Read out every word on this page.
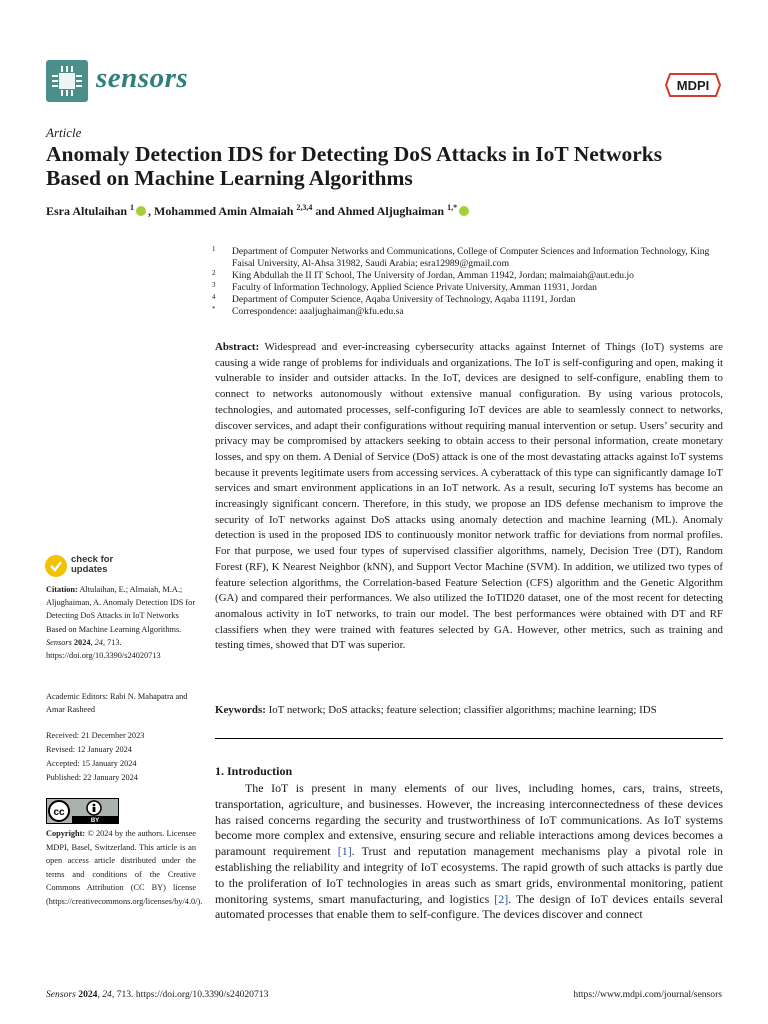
sensors	MDPI
Article
Anomaly Detection IDS for Detecting DoS Attacks in IoT Networks Based on Machine Learning Algorithms
Esra Altulaihan $^1$ , Mohammed Amin Almaiah $^{2,3,4}$ and Ahmed Aljughaiman $^{1,*}$
1 Department of Computer Networks and Communications, College of Computer Sciences and Information Technology, King Faisal University, Al-Ahsa 31982, Saudi Arabia; esra12989@gmail.com
2 King Abdullah the II IT School, The University of Jordan, Amman 11942, Jordan; malmaiah@aut.edu.jo
3 Faculty of Information Technology, Applied Science Private University, Amman 11931, Jordan
4 Department of Computer Science, Aqaba University of Technology, Aqaba 11191, Jordan
* Correspondence: aaaljughaiman@kfu.edu.sa
Abstract: Widespread and ever-increasing cybersecurity attacks against Internet of Things (IoT) systems are causing a wide range of problems for individuals and organizations. The IoT is self-configuring and open, making it vulnerable to insider and outsider attacks. In the IoT, devices are designed to self-configure, enabling them to connect to networks autonomously without extensive manual configuration. By using various protocols, technologies, and automated processes, self-configuring IoT devices are able to seamlessly connect to networks, discover services, and adapt their configurations without requiring manual intervention or setup. Users’ security and privacy may be compromised by attackers seeking to obtain access to their personal information, create monetary losses, and spy on them. A Denial of Service (DoS) attack is one of the most devastating attacks against IoT systems because it prevents legitimate users from accessing services. A cyberattack of this type can significantly damage IoT services and smart environment applications in an IoT network. As a result, securing IoT systems has become an increasingly significant concern. Therefore, in this study, we propose an IDS defense mechanism to improve the security of IoT networks against DoS attacks using anomaly detection and machine learning (ML). Anomaly detection is used in the proposed IDS to continuously monitor network traffic for deviations from normal profiles. For that purpose, we used four types of supervised classifier algorithms, namely, Decision Tree (DT), Random Forest (RF), K Nearest Neighbor (kNN), and Support Vector Machine (SVM). In addition, we utilized two types of feature selection algorithms, the Correlation-based Feature Selection (CFS) algorithm and the Genetic Algorithm (GA) and compared their performances. We also utilized the IoTID20 dataset, one of the most recent for detecting anomalous activity in IoT networks, to train our model. The best performances were obtained with DT and RF classifiers when they were trained with features selected by GA. However, other metrics, such as training and testing times, showed that DT was superior.
Keywords: IoT network; DoS attacks; feature selection; classifier algorithms; machine learning; IDS
1. Introduction
The IoT is present in many elements of our lives, including homes, cars, trains, streets, transportation, agriculture, and businesses. However, the increasing interconnectedness of these devices has raised concerns regarding the security and trustworthiness of IoT communications. As IoT systems become more complex and extensive, ensuring secure and reliable interactions among devices becomes a paramount requirement [1]. Trust and reputation management mechanisms play a pivotal role in establishing the reliability and integrity of IoT ecosystems. The rapid growth of such attacks is partly due to the proliferation of IoT technologies in areas such as smart grids, environmental monitoring, patient monitoring systems, smart manufacturing, and logistics [2]. The design of IoT devices entails several automated processes that enable them to self-configure. The devices discover and connect
check for
updates
Citation: Altulaihan, E.; Almaiah, M.A.; Aljughaiman, A. Anomaly Detection IDS for Detecting DoS Attacks in IoT Networks Based on Machine Learning Algorithms. Sensors 2024, 24, 713. https://doi.org/10.3390/s24020713
Academic Editors: Rabi N. Mahapatra and Amar Rasheed
Received: 21 December 2023
Revised: 12 January 2024
Accepted: 15 January 2024
Published: 22 January 2024
cc
BY
Copyright: © 2024 by the authors. Licensee MDPI, Basel, Switzerland. This article is an open access article distributed under the terms and conditions of the Creative Commons Attribution (CC BY) license (https://creativecommons.org/licenses/by/4.0/).
Sensors 2024, 24, 713. https://doi.org/10.3390/s24020713	https://www.mdpi.com/journal/sensors
